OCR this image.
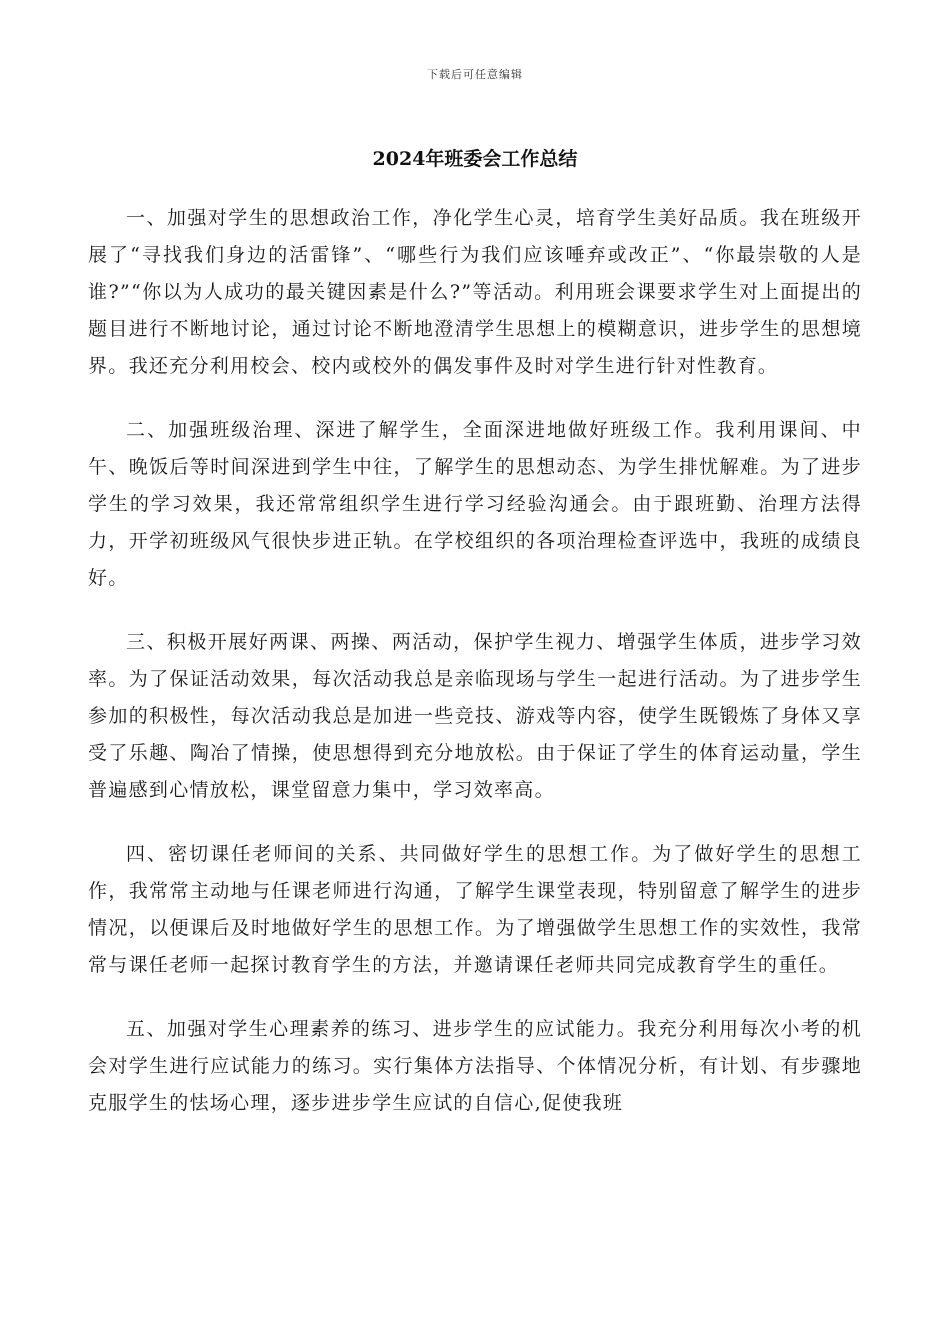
下载后可任意编辑
2024年班委会工作总结

一、加强对学生的思想政治工作，净化学生心灵，培育学生美好品质。我在班级开展了“寻找我们身边的活雷锋”、“哪些行为我们应该唾弃或改正”、“你最崇敬的人是谁?”“你以为人成功的最关键因素是什么?”等活动。利用班会课要求学生对上面提出的题目进行不断地讨论，通过讨论不断地澄清学生思想上的模糊意识，进步学生的思想境界。我还充分利用校会、校内或校外的偶发事件及时对学生进行针对性教育。

二、加强班级治理、深进了解学生，全面深进地做好班级工作。我利用课间、中午、晚饭后等时间深进到学生中往，了解学生的思想动态、为学生排忧解难。为了进步学生的学习效果，我还常常组织学生进行学习经验沟通会。由于跟班勤、治理方法得力，开学初班级风气很快步进正轨。在学校组织的各项治理检查评选中，我班的成绩良好。

三、积极开展好两课、两操、两活动，保护学生视力、增强学生体质，进步学习效率。为了保证活动效果，每次活动我总是亲临现场与学生一起进行活动。为了进步学生参加的积极性，每次活动我总是加进一些竞技、游戏等内容，使学生既锻炼了身体又享受了乐趣、陶冶了情操，使思想得到充分地放松。由于保证了学生的体育运动量，学生普遍感到心情放松，课堂留意力集中，学习效率高。

四、密切课任老师间的关系、共同做好学生的思想工作。为了做好学生的思想工作，我常常主动地与任课老师进行沟通，了解学生课堂表现，特别留意了解学生的进步情况，以便课后及时地做好学生的思想工作。为了增强做学生思想工作的实效性，我常常与课任老师一起探讨教育学生的方法，并邀请课任老师共同完成教育学生的重任。

五、加强对学生心理素养的练习、进步学生的应试能力。我充分利用每次小考的机会对学生进行应试能力的练习。实行集体方法指导、个体情况分析，有计划、有步骤地克服学生的怯场心理，逐步进步学生应试的自信心,促使我班
